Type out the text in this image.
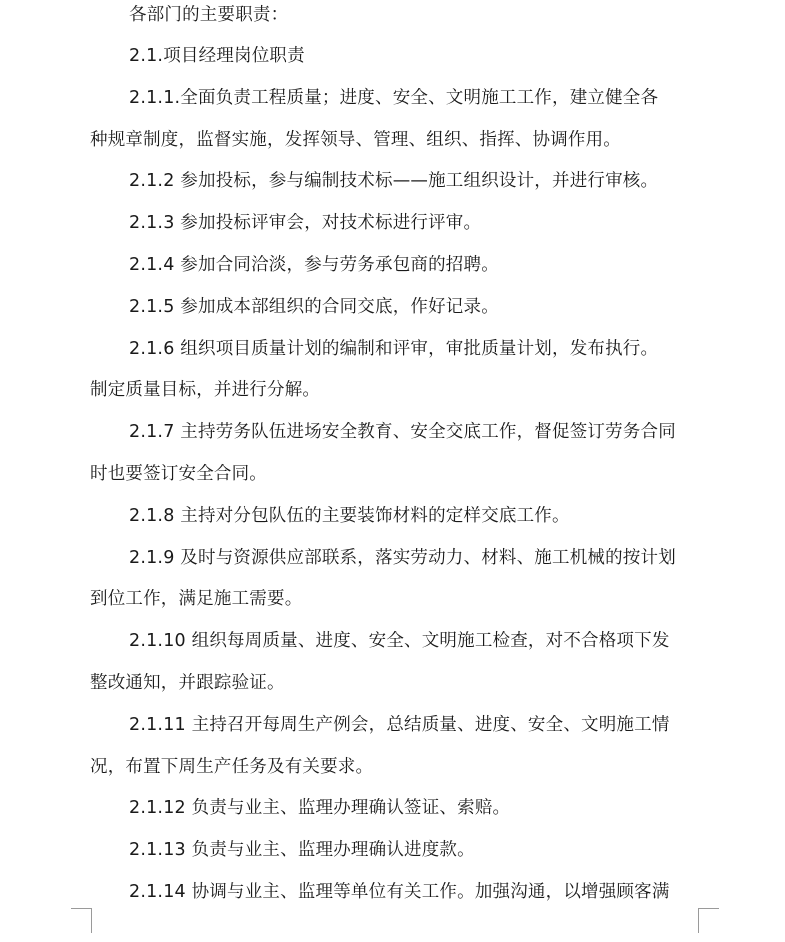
各部门的主要职责：

2.1.项目经理岗位职责
2.1.1.全面负责工程质量；进度、安全、文明施工工作，建立健全各
种规章制度，监督实施，发挥领导、管理、组织、指挥、协调作用。
2.1.2 参加投标，参与编制技术标——施工组织设计，并进行审核。
2.1.3 参加投标评审会，对技术标进行评审。
2.1.4 参加合同洽淡，参与劳务承包商的招聘。
2.1.5 参加成本部组织的合同交底，作好记录。
2.1.6 组织项目质量计划的编制和评审，审批质量计划，发布执行。
制定质量目标，并进行分解。
2.1.7 主持劳务队伍进场安全教育、安全交底工作，督促签订劳务合同
时也要签订安全合同。
2.1.8 主持对分包队伍的主要装饰材料的定样交底工作。
2.1.9 及时与资源供应部联系，落实劳动力、材料、施工机械的按计划
到位工作，满足施工需要。
2.1.10 组织每周质量、进度、安全、文明施工检查，对不合格项下发
整改通知，并跟踪验证。
2.1.11 主持召开每周生产例会，总结质量、进度、安全、文明施工情
况，布置下周生产任务及有关要求。
2.1.12 负责与业主、监理办理确认签证、索赔。
2.1.13 负责与业主、监理办理确认进度款。
2.1.14 协调与业主、监理等单位有关工作。加强沟通，以增强顾客满
